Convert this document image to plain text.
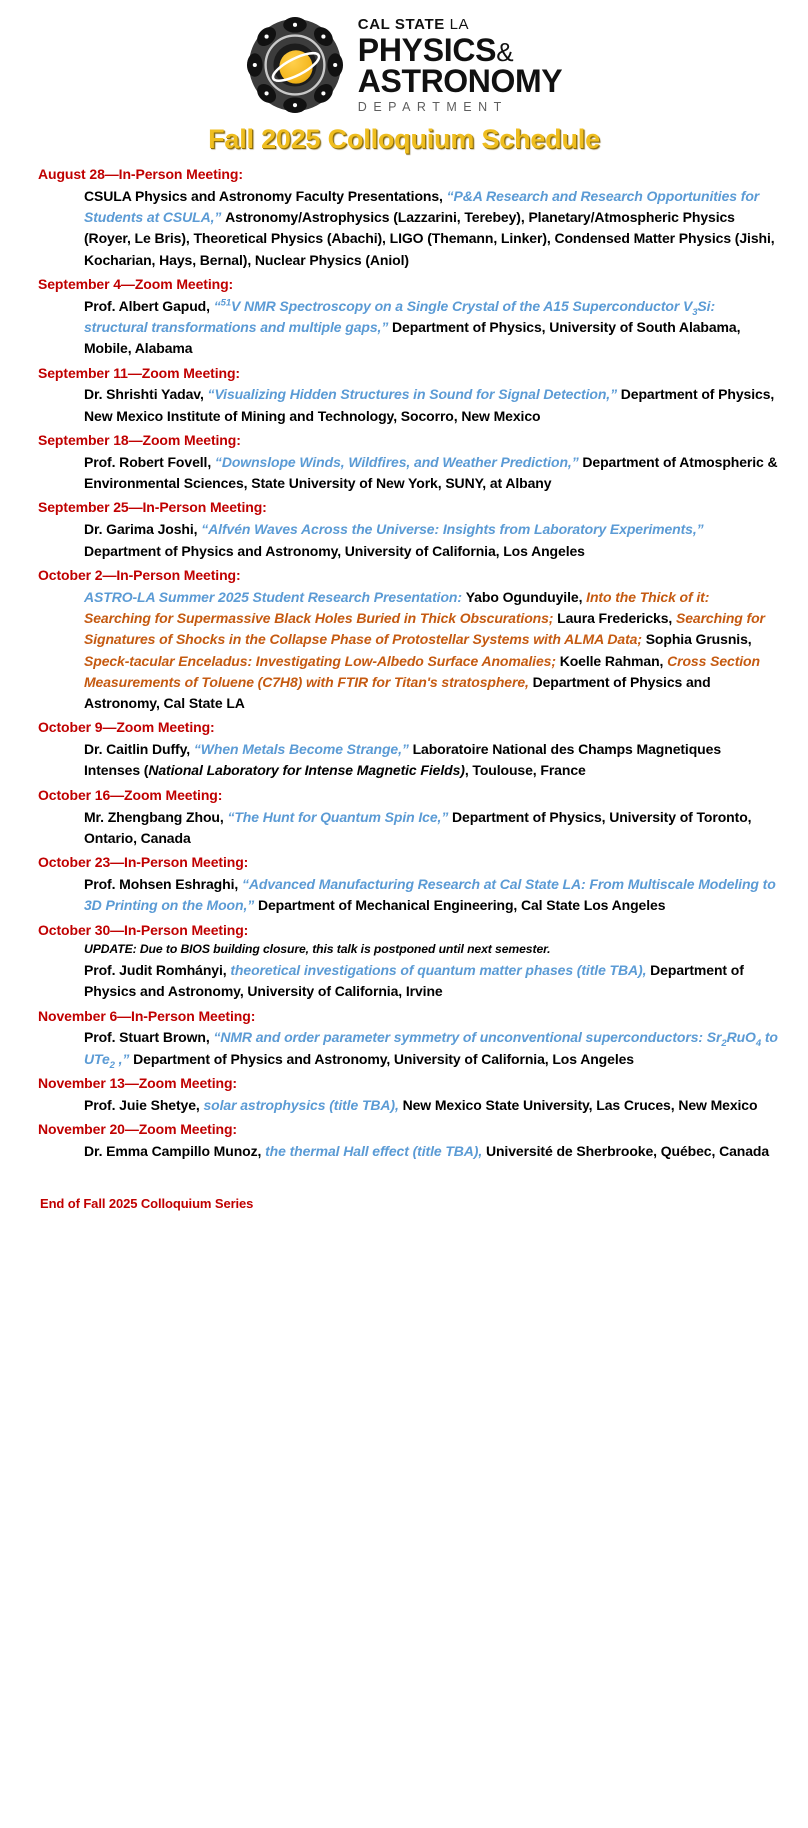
CAL STATE LA
PHYSICS&
ASTRONOMY
DEPARTMENT
Fall 2025 Colloquium Schedule
August 28—In-Person Meeting:

CSULA Physics and Astronomy Faculty Presentations, “P&A Research and Research Opportunities for Students at CSULA,” Astronomy/Astrophysics (Lazzarini, Terebey), Planetary/Atmospheric Physics (Royer, Le Bris), Theoretical Physics (Abachi), LIGO (Themann, Linker), Condensed Matter Physics (Jishi, Kocharian, Hays, Bernal), Nuclear Physics (Aniol)

September 4—Zoom Meeting:

Prof. Albert Gapud, “$^{51}$V NMR Spectroscopy on a Single Crystal of the A15 Superconductor $V_3Si$: structural transformations and multiple gaps,” Department of Physics, University of South Alabama, Mobile, Alabama

September 11—Zoom Meeting:

Dr. Shrishti Yadav, “Visualizing Hidden Structures in Sound for Signal Detection,” Department of Physics, New Mexico Institute of Mining and Technology, Socorro, New Mexico

September 18—Zoom Meeting:

Prof. Robert Fovell, “Downslope Winds, Wildfires, and Weather Prediction,” Department of Atmospheric & Environmental Sciences, State University of New York, SUNY, at Albany

September 25—In-Person Meeting:

Dr. Garima Joshi, “Alfvén Waves Across the Universe: Insights from Laboratory Experiments,” Department of Physics and Astronomy, University of California, Los Angeles

October 2—In-Person Meeting:

ASTRO-LA Summer 2025 Student Research Presentation: Yabo Ogunduyile, Into the Thick of it: Searching for Supermassive Black Holes Buried in Thick Obscurations; Laura Fredericks, Searching for Signatures of Shocks in the Collapse Phase of Protostellar Systems with ALMA Data; Sophia Grusnis, Speck-tacular Enceladus: Investigating Low-Albedo Surface Anomalies; Koelle Rahman, Cross Section Measurements of Toluene (C7H8) with FTIR for Titan's stratosphere, Department of Physics and Astronomy, Cal State LA

October 9—Zoom Meeting:

Dr. Caitlin Duffy, “When Metals Become Strange,” Laboratoire National des Champs Magnetiques Intenses (National Laboratory for Intense Magnetic Fields), Toulouse, France

October 16—Zoom Meeting:

Mr. Zhengbang Zhou, “The Hunt for Quantum Spin Ice,” Department of Physics, University of Toronto, Ontario, Canada

October 23—In-Person Meeting:

Prof. Mohsen Eshraghi, “Advanced Manufacturing Research at Cal State LA: From Multiscale Modeling to 3D Printing on the Moon,” Department of Mechanical Engineering, Cal State Los Angeles

October 30—In-Person Meeting:

UPDATE: Due to BIOS building closure, this talk is postponed until next semester.
Prof. Judit Romhányi, theoretical investigations of quantum matter phases (title TBA), Department of Physics and Astronomy, University of California, Irvine

November 6—In-Person Meeting:

Prof. Stuart Brown, “NMR and order parameter symmetry of unconventional superconductors: $Sr_2RuO_4$ to UTe$_2$ ,” Department of Physics and Astronomy, University of California, Los Angeles

November 13—Zoom Meeting:

Prof. Juie Shetye, solar astrophysics (title TBA), New Mexico State University, Las Cruces, New Mexico

November 20—Zoom Meeting:

Dr. Emma Campillo Munoz, the thermal Hall effect (title TBA), Université de Sherbrooke, Québec, Canada

End of Fall 2025 Colloquium Series
